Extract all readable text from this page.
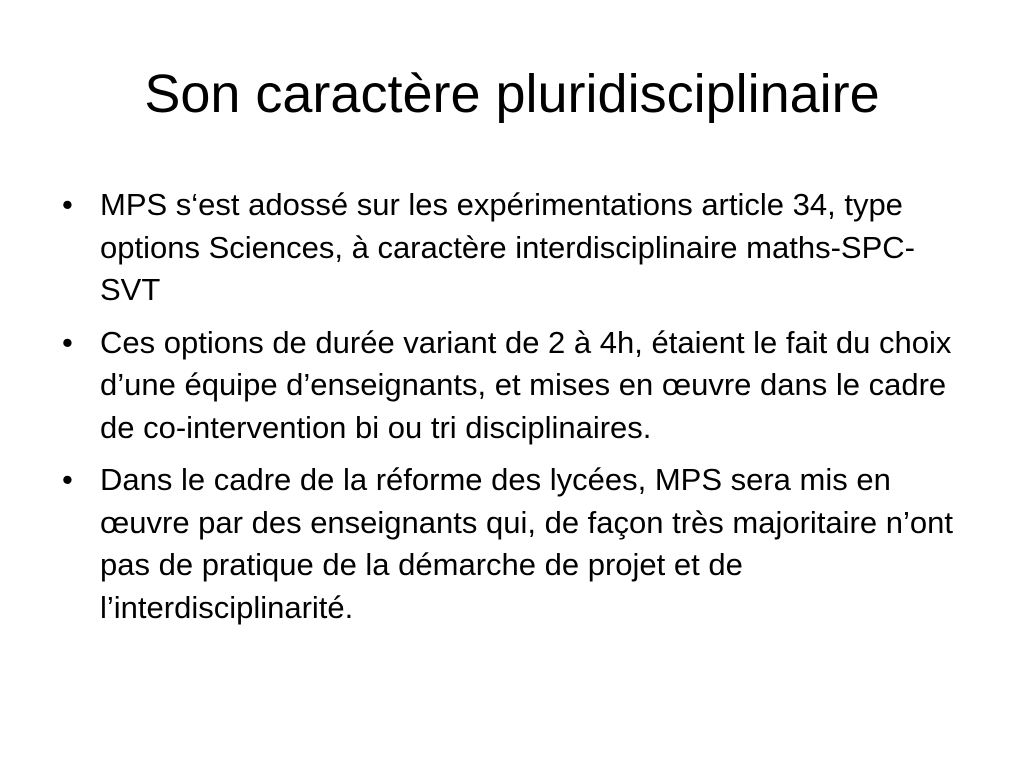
Son caractère pluridisciplinaire
• MPS s‘est adossé sur les expérimentations article 34, type options Sciences, à caractère interdisciplinaire maths-SPC-SVT
• Ces options de durée variant de 2 à 4h, étaient le fait du choix d’une équipe d’enseignants, et mises en œuvre dans le cadre de co-intervention bi ou tri disciplinaires.
• Dans le cadre de la réforme des lycées, MPS sera mis en œuvre par des enseignants qui, de façon très majoritaire n’ont pas de pratique de la démarche de projet et de l’interdisciplinarité.
